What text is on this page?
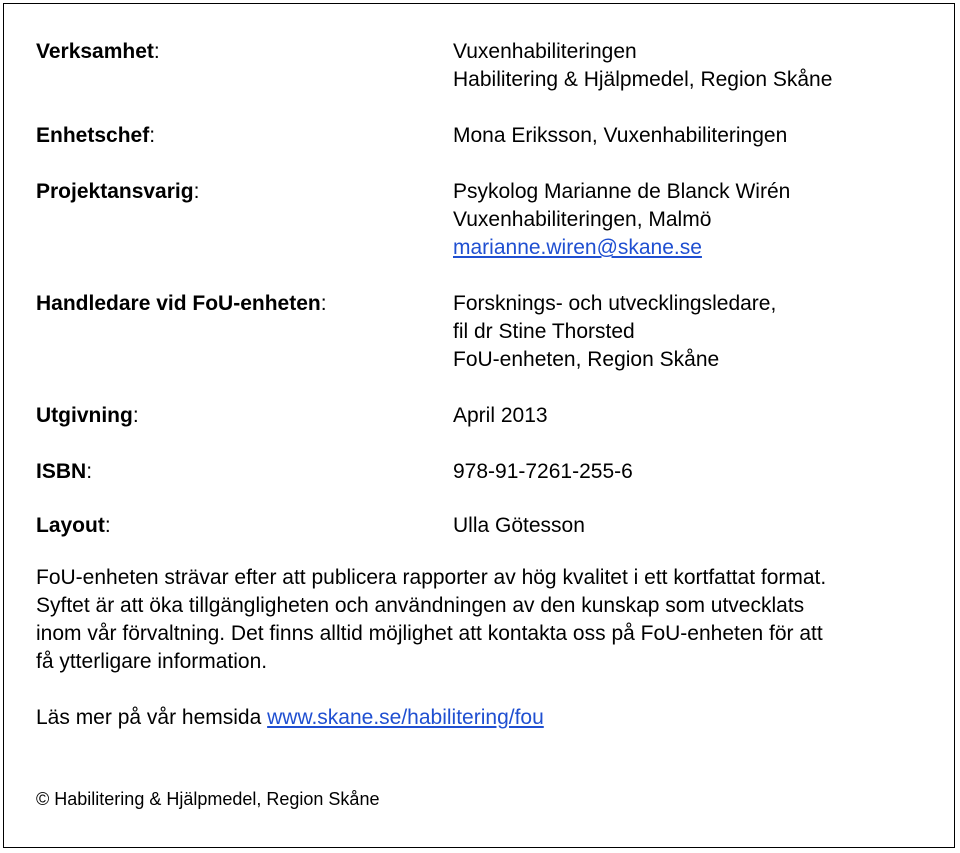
Verksamhet:	Vuxenhabiliteringen
Habilitering & Hjälpmedel, Region Skåne
Enhetschef:	Mona Eriksson, Vuxenhabiliteringen
Projektansvarig:	Psykolog Marianne de Blanck Wirén
Vuxenhabiliteringen, Malmö
marianne.wiren@skane.se
Handledare vid FoU-enheten:	Forsknings- och utvecklingsledare,
fil dr Stine Thorsted
FoU-enheten, Region Skåne
Utgivning:	April 2013
ISBN:	978-91-7261-255-6
Layout:	Ulla Götesson
FoU-enheten strävar efter att publicera rapporter av hög kvalitet i ett kortfattat format.
Syftet är att öka tillgängligheten och användningen av den kunskap som utvecklats
inom vår förvaltning. Det finns alltid möjlighet att kontakta oss på FoU-enheten för att
få ytterligare information.
Läs mer på vår hemsida www.skane.se/habilitering/fou
© Habilitering & Hjälpmedel, Region Skåne
